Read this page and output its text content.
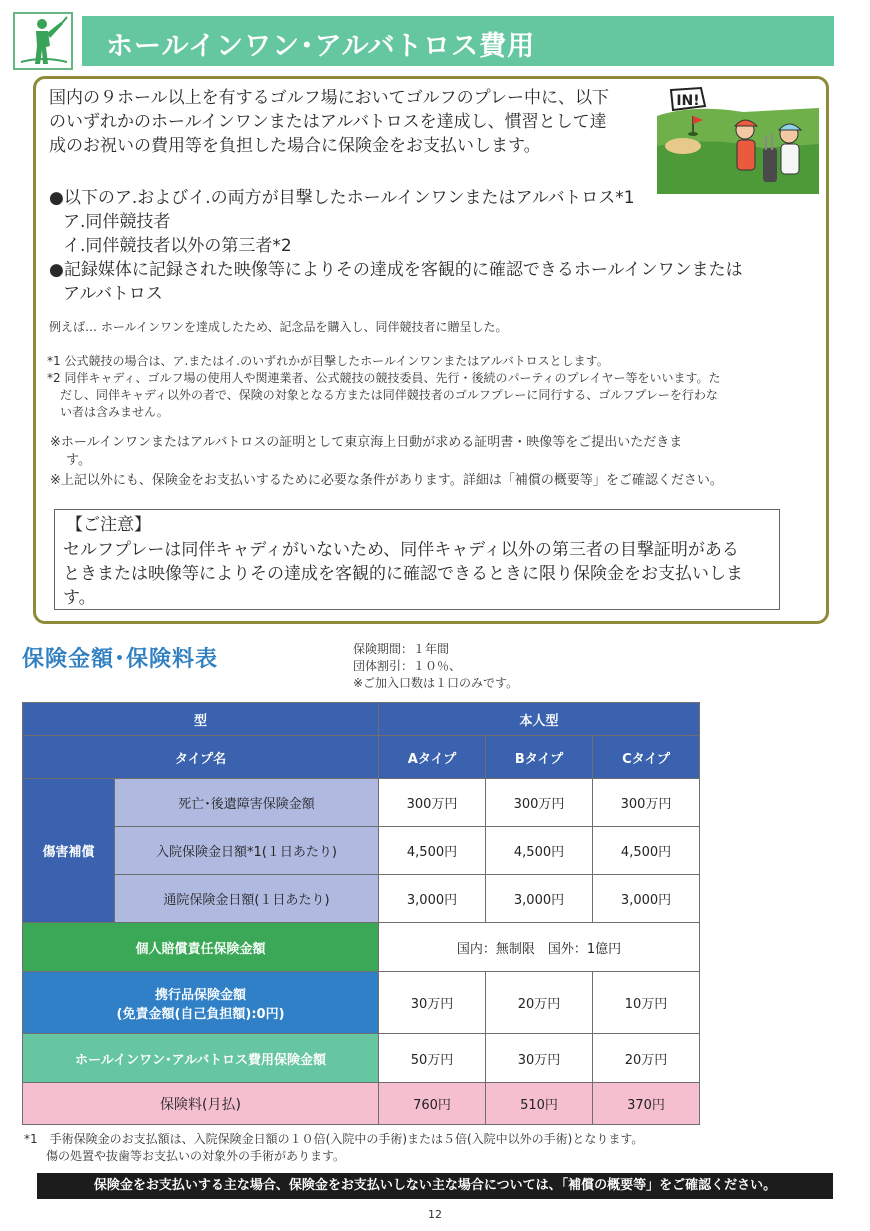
ホールインワン･アルバトロス費用
国内の９ホール以上を有するゴルフ場においてゴルフのプレー中に、以下
のいずれかのホールインワンまたはアルバトロスを達成し、慣習として達
成のお祝いの費用等を負担した場合に保険金をお支払いします。
IN!
●以下のア.およびイ.の両方が目撃したホールインワンまたはアルバトロス*1
ア.同伴競技者
イ.同伴競技者以外の第三者*2
●記録媒体に記録された映像等によりその達成を客観的に確認できるホールインワンまたは
アルバトロス
例えば… ホールインワンを達成したため、記念品を購入し、同伴競技者に贈呈した。
*1 公式競技の場合は、ア.またはイ.のいずれかが目撃したホールインワンまたはアルバトロスとします。
*2 同伴キャディ、ゴルフ場の使用人や関連業者、公式競技の競技委員、先行・後続のパーティのプレイヤー等をいいます。た
だし、同伴キャディ以外の者で、保険の対象となる方または同伴競技者のゴルフプレーに同行する、ゴルフプレーを行わな
い者は含みません。
※ホールインワンまたはアルバトロスの証明として東京海上日動が求める証明書・映像等をご提出いただきま
す。
※上記以外にも、保険金をお支払いするために必要な条件があります。詳細は「補償の概要等」をご確認ください。
【ご注意】
セルフプレーは同伴キャディがいないため、同伴キャディ以外の第三者の目撃証明がある
ときまたは映像等によりその達成を客観的に確認できるときに限り保険金をお支払いしま
す。
保険金額･保険料表	保険期間：１年間
団体割引：１０％、
※ご加入口数は１口のみです。
型		本人型		
タイプ名		Aタイプ	Bタイプ	Cタイプ
傷害補償	死亡･後遺障害保険金額	300万円	300万円	300万円
	入院保険金日額*1(１日あたり)	4,500円	4,500円	4,500円
	通院保険金日額(１日あたり)	3,000円	3,000円	3,000円
個人賠償責任保険金額		国内：無制限　国外：1億円		

携行品保険金額
(免責金額(自己負担額):0円)		30万円	20万円	10万円
ホールインワン･アルバトロス費用保険金額		50万円	30万円	20万円
保険料(月払)		760円	510円	370円
*1　手術保険金のお支払額は、入院保険金日額の１０倍(入院中の手術)または５倍(入院中以外の手術)となります。
傷の処置や抜歯等お支払いの対象外の手術があります。
保険金をお支払いする主な場合、保険金をお支払いしない主な場合については、「補償の概要等」をご確認ください。
12
